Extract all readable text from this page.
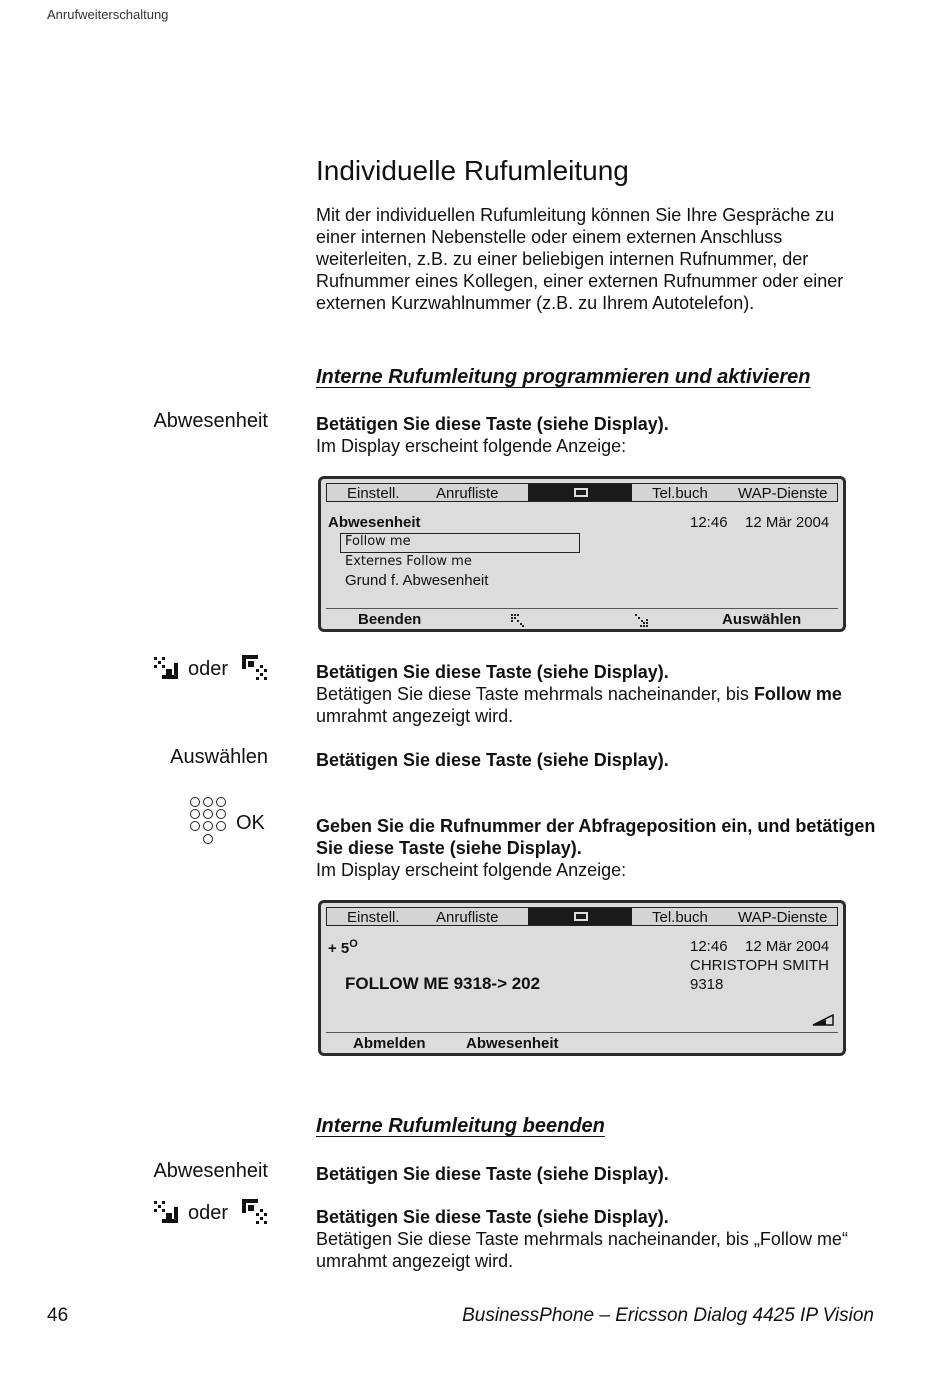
Anrufweiterschaltung
Individuelle Rufumleitung

Mit der individuellen Rufumleitung können Sie Ihre Gespräche zu einer internen Nebenstelle oder einem externen Anschluss weiterleiten, z.B. zu einer beliebigen internen Rufnummer, der Rufnummer eines Kollegen, einer externen Rufnummer oder einer externen Kurzwahlnummer (z.B. zu Ihrem Autotelefon).

Interne Rufumleitung programmieren und aktivieren
Abwesenheit	Betätigen Sie diese Taste (siehe Display).
Im Display erscheint folgende Anzeige:
Einstell.	Anrufliste	Tel.buch	WAP-Dienste
Abwesenheit	12:46 12 Mär 2004
Follow me
Externes Follow me
Grund f. Abwesenheit
Beenden	Auswählen
oder	Betätigen Sie diese Taste (siehe Display).
Betätigen Sie diese Taste mehrmals nacheinander, bis Follow me
umrahmt angezeigt wird.
Auswählen	Betätigen Sie diese Taste (siehe Display).
OK	Geben Sie die Rufnummer der Abfrageposition ein, und betätigen Sie diese Taste (siehe Display).
Im Display erscheint folgende Anzeige:
Einstell.	Anrufliste	Tel.buch	WAP-Dienste
+ $5^O$	12:46 12 Mär 2004
CHRISTOPH SMITH
9318
FOLLOW ME 9318-> 202
Abmelden	Abwesenheit
Interne Rufumleitung beenden
Abwesenheit	Betätigen Sie diese Taste (siehe Display).
oder	Betätigen Sie diese Taste (siehe Display).
Betätigen Sie diese Taste mehrmals nacheinander, bis „Follow me“ umrahmt angezeigt wird.
46	BusinessPhone – Ericsson Dialog 4425 IP Vision
